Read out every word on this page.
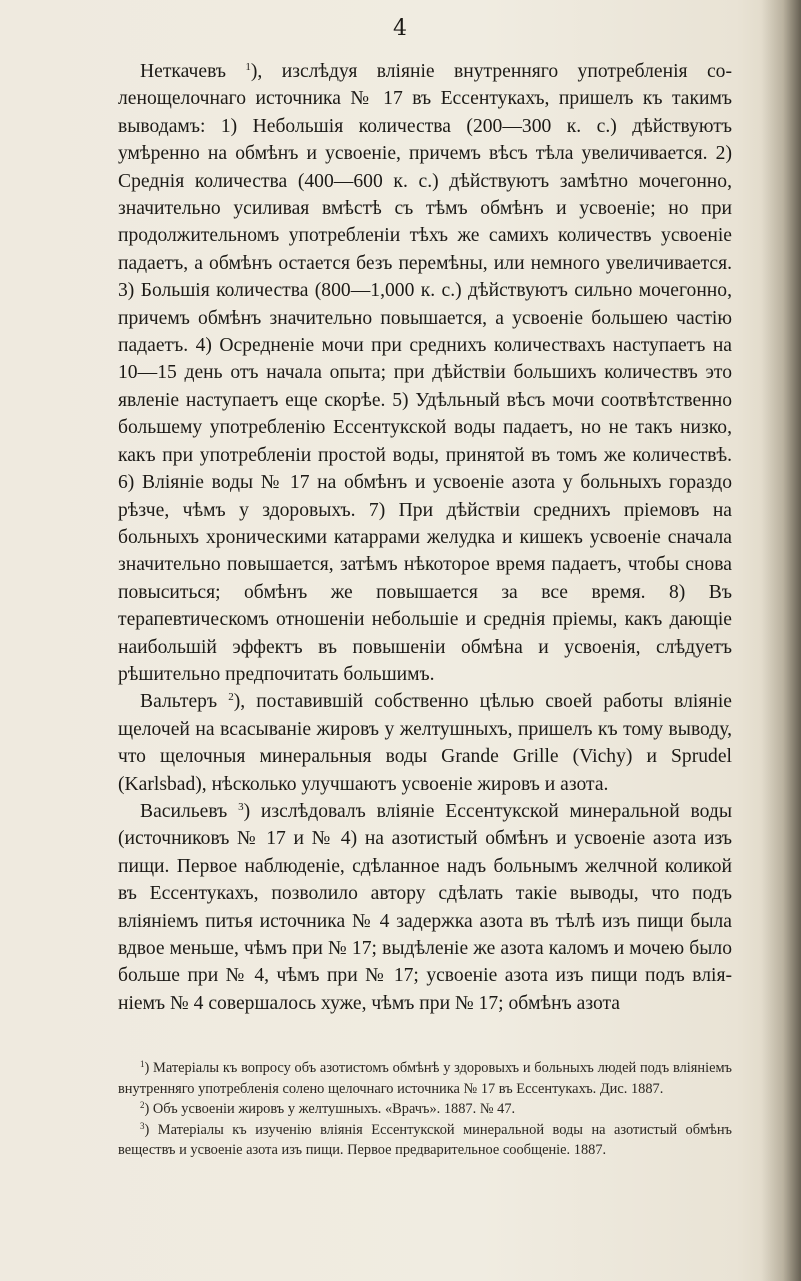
4

Неткачевъ $^1$), изслѣдуя вліяніе внутренняго употребленія соленощелочнаго источника № 17 въ Ессентукахъ, пришелъ къ такимъ выводамъ: 1) Небольшія количества (200—300 к. с.) дѣйствуютъ умѣренно на обмѣнъ и усвоеніе, причемъ вѣсъ тѣла увеличивается. 2) Среднія количества (400—600 к. с.) дѣйствуютъ замѣтно мочегонно, значительно усиливая вмѣстѣ съ тѣмъ обмѣнъ и усвоеніе; но при продолжительномъ употребленіи тѣхъ же самихъ количествъ усвоеніе падаетъ, а обмѣнъ остается безъ перемѣны, или немного увеличивается. 3) Большія количества (800—1,000 к. с.) дѣйствуютъ сильно мочегонно, причемъ обмѣнъ значительно повышается, а усвоеніе большею частію падаетъ. 4) Осредненіе мочи при среднихъ количествахъ наступаетъ на 10—15 день отъ начала опыта; при дѣйствіи большихъ количествъ это явленіе наступаетъ еще скорѣе. 5) Удѣльный вѣсъ мочи соотвѣтственно большему употребленію Ессентукской воды падаетъ, но не такъ низко, какъ при употребленіи простой воды, принятой въ томъ же количествѣ. 6) Вліяніе воды № 17 на обмѣнъ и усвоеніе азота у больныхъ гораздо рѣзче, чѣмъ у здоровыхъ. 7) При дѣйствіи среднихъ пріемовъ на больныхъ хроническими катаррами желудка и кишекъ усвоеніе сначала значительно повышается, затѣмъ нѣкоторое время падаетъ, чтобы снова повыситься; обмѣнъ же повышается за все время. 8) Въ терапевтическомъ отношеніи небольшіе и среднія пріемы, какъ дающіе наибольшій эффектъ въ повышеніи обмѣна и усвоенія, слѣдуетъ рѣшительно предпочитать большимъ.

Вальтеръ $^2$), поставившій собственно цѣлью своей работы вліяніе щелочей на всасываніе жировъ у желтушныхъ, пришелъ къ тому выводу, что щелочныя минеральныя воды Grande Grille (Vichy) и Sprudel (Karlsbad), нѣсколько улучшаютъ усвоеніе жировъ и азота.

Васильевъ $^3$) изслѣдовалъ вліяніе Ессентукской минеральной воды (источниковъ № 17 и № 4) на азотистый обмѣнъ и усвоеніе азота изъ пищи. Первое наблюденіе, сдѣланное надъ больнымъ желчной коликой въ Ессентукахъ, позволило автору сдѣлать такіе выводы, что подъ вліяніемъ питья источника № 4 задержка азота въ тѣлѣ изъ пищи была вдвое меньше, чѣмъ при № 17; выдѣленіе же азота каломъ и мочею было больше при № 4, чѣмъ при № 17; усвоеніе азота изъ пищи подъ вліяніемъ № 4 совершалось хуже, чѣмъ при № 17; обмѣнъ азота

$^1$) Матеріалы къ вопросу объ азотистомъ обмѣнѣ у здоровыхъ и больныхъ людей подъ вліяніемъ внутренняго употребленія солено щелочнаго источника № 17 въ Ессентукахъ. Дис. 1887.

$^2$) Объ усвоеніи жировъ у желтушныхъ. «Врачъ». 1887. № 47.

$^3$) Матеріалы къ изученію вліянія Ессентукской минеральной воды на азотистый обмѣнъ веществъ и усвоеніе азота изъ пищи. Первое предварительное сообщеніе. 1887.
